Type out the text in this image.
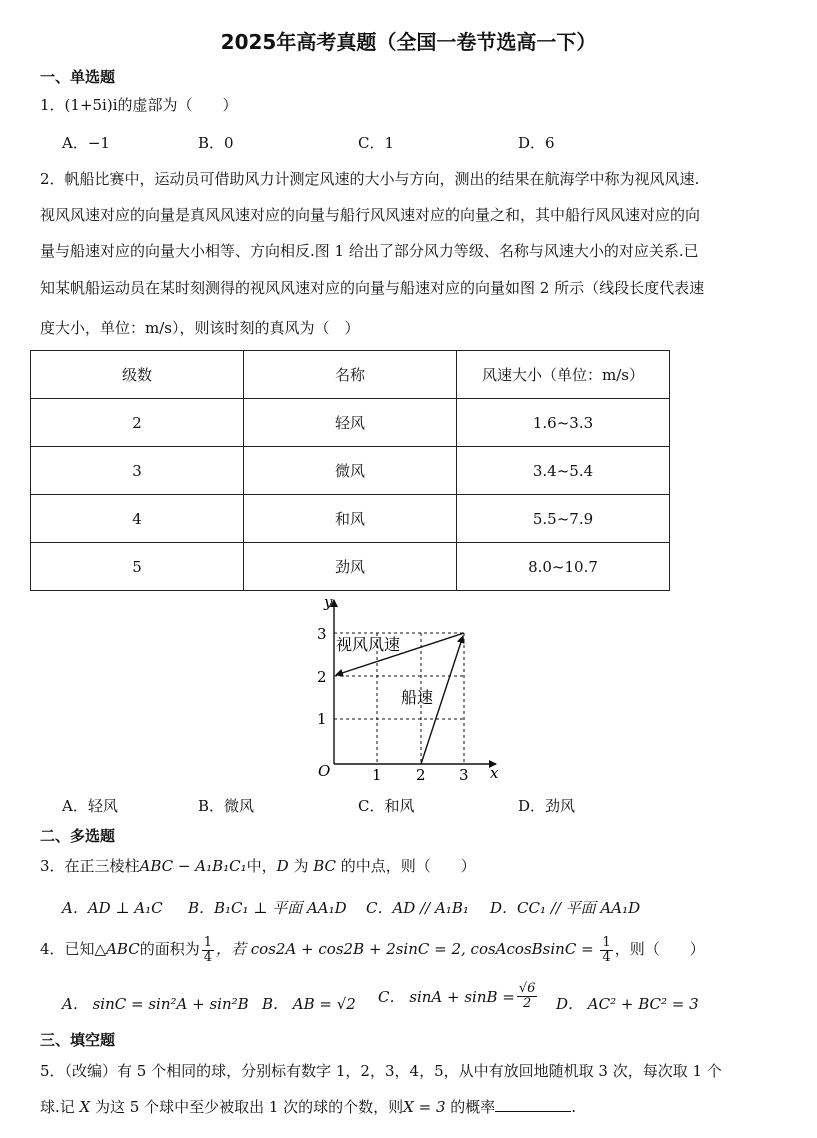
2025年高考真题（全国一卷节选高一下）
一、单选题
1．(1+5i)i的虚部为（　　）
A．−1	B．0	C．1	D．6
2．帆船比赛中，运动员可借助风力计测定风速的大小与方向，测出的结果在航海学中称为视风风速.
视风风速对应的向量是真风风速对应的向量与船行风风速对应的向量之和，其中船行风风速对应的向
量与船速对应的向量大小相等、方向相反.图 1 给出了部分风力等级、名称与风速大小的对应关系.已
知某帆船运动员在某时刻测得的视风风速对应的向量与船速对应的向量如图 2 所示（线段长度代表速
度大小，单位：m/s），则该时刻的真风为（　）
级数	名称	风速大小（单位：m/s）
2	轻风	1.6~3.3
3	微风	3.4~5.4
4	和风	5.5~7.9
5	劲风	8.0~10.7
y
x
O	1 2 3
1
2
3
视风风速
船速
A．轻风	B．微风	C．和风	D．劲风
二、多选题
3．在正三棱柱ABC − A₁B₁C₁中，D 为 BC 的中点，则（　　）
A．AD ⊥ A₁C B．B₁C₁ ⊥ 平面 AA₁D C．AD // A₁B₁ D．CC₁ // 平面 AA₁D
4．已知△ABC的面积为 $\frac{1}{4}$ ，若 cos2A + cos2B + 2sinC = 2, cosAcosBsinC = $\frac{1}{4}$ ，则（　　）
A． sinC = sin²A + sin²B B． AB = √2 C． $\sin A + \sin B = \frac{√6}{2}$ D． AC² + BC² = 3
三、填空题
5．（改编）有 5 个相同的球，分别标有数字 1，2，3，4，5，从中有放回地随机取 3 次，每次取 1 个
球.记 X 为这 5 个球中至少被取出 1 次的球的个数，则X = 3 的概率	.
